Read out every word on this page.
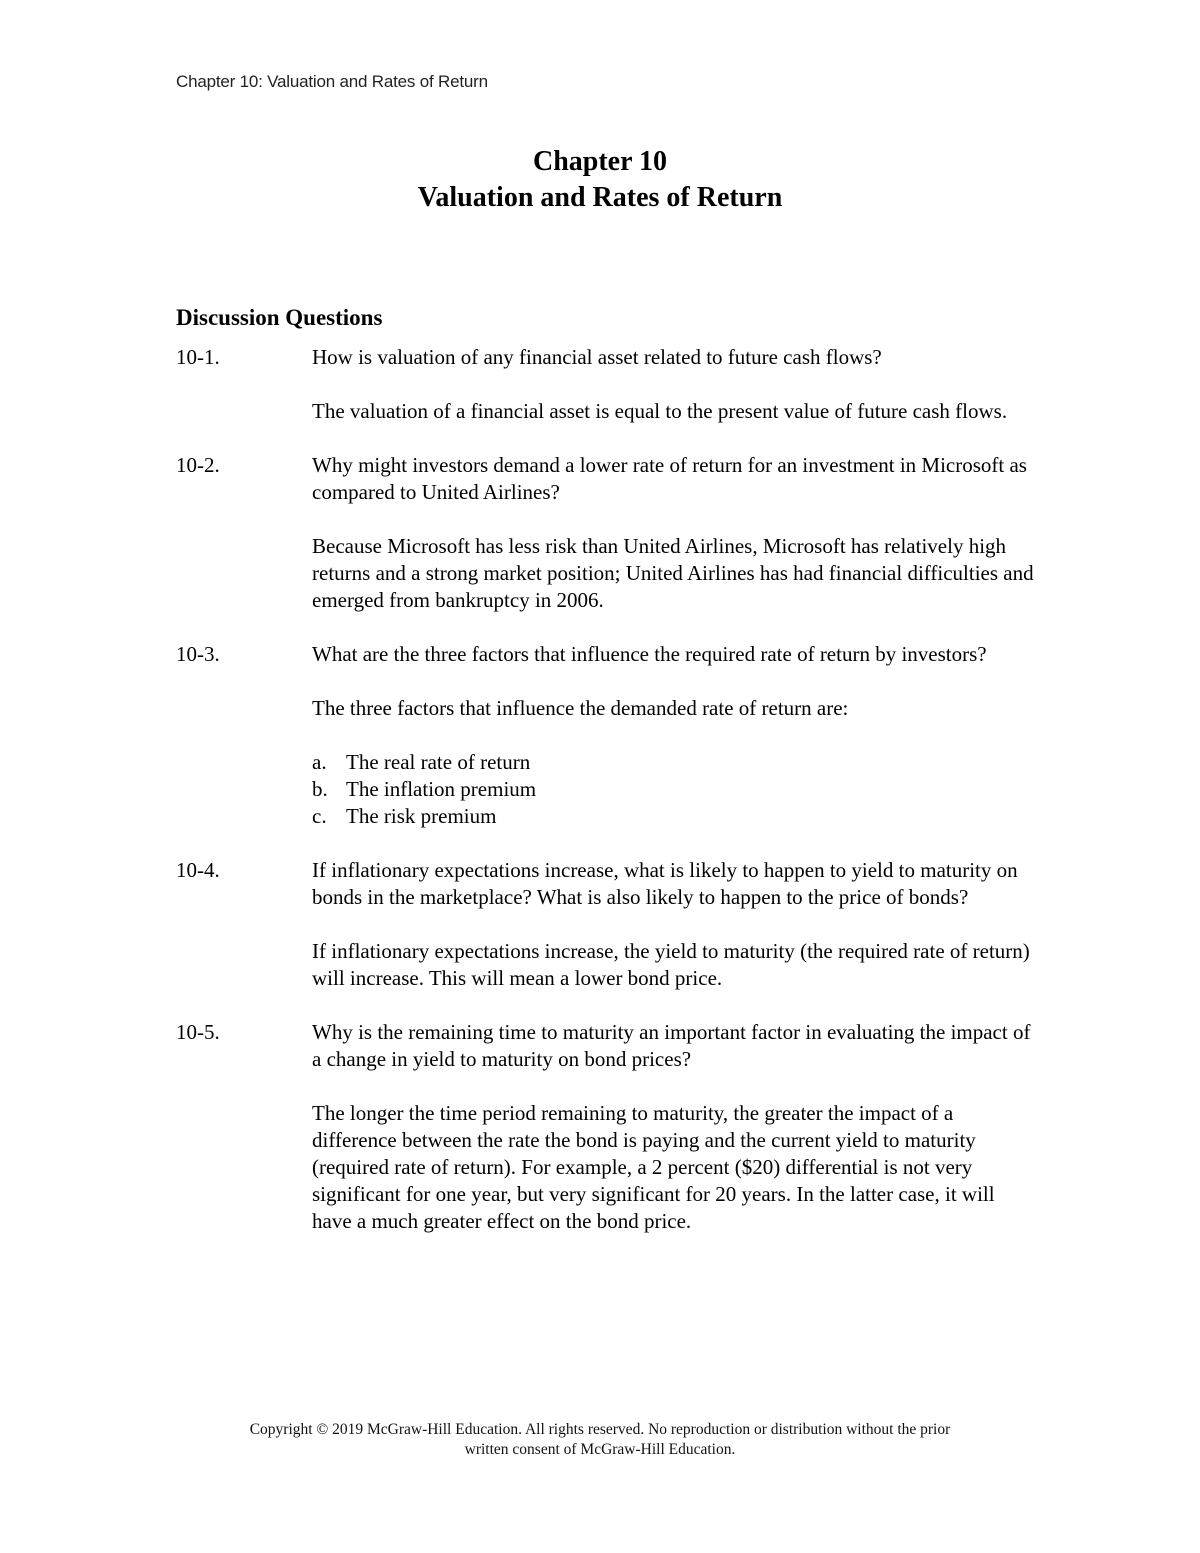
Chapter 10: Valuation and Rates of Return
Chapter 10
Valuation and Rates of Return
Discussion Questions
10-1.	How is valuation of any financial asset related to future cash flows?

The valuation of a financial asset is equal to the present value of future cash flows.

10-2.	Why might investors demand a lower rate of return for an investment in Microsoft as compared to United Airlines?

Because Microsoft has less risk than United Airlines, Microsoft has relatively high returns and a strong market position; United Airlines has had financial difficulties and emerged from bankruptcy in 2006.

10-3.	What are the three factors that influence the required rate of return by investors?

The three factors that influence the demanded rate of return are:

a. The real rate of return
b. The inflation premium
c. The risk premium
10-4.	If inflationary expectations increase, what is likely to happen to yield to maturity on bonds in the marketplace? What is also likely to happen to the price of bonds?

If inflationary expectations increase, the yield to maturity (the required rate of return) will increase. This will mean a lower bond price.

10-5.	Why is the remaining time to maturity an important factor in evaluating the impact of a change in yield to maturity on bond prices?

The longer the time period remaining to maturity, the greater the impact of a difference between the rate the bond is paying and the current yield to maturity (required rate of return). For example, a 2 percent ($20) differential is not very significant for one year, but very significant for 20 years. In the latter case, it will have a much greater effect on the bond price.

Copyright © 2019 McGraw-Hill Education. All rights reserved. No reproduction or distribution without the prior
written consent of McGraw-Hill Education.
